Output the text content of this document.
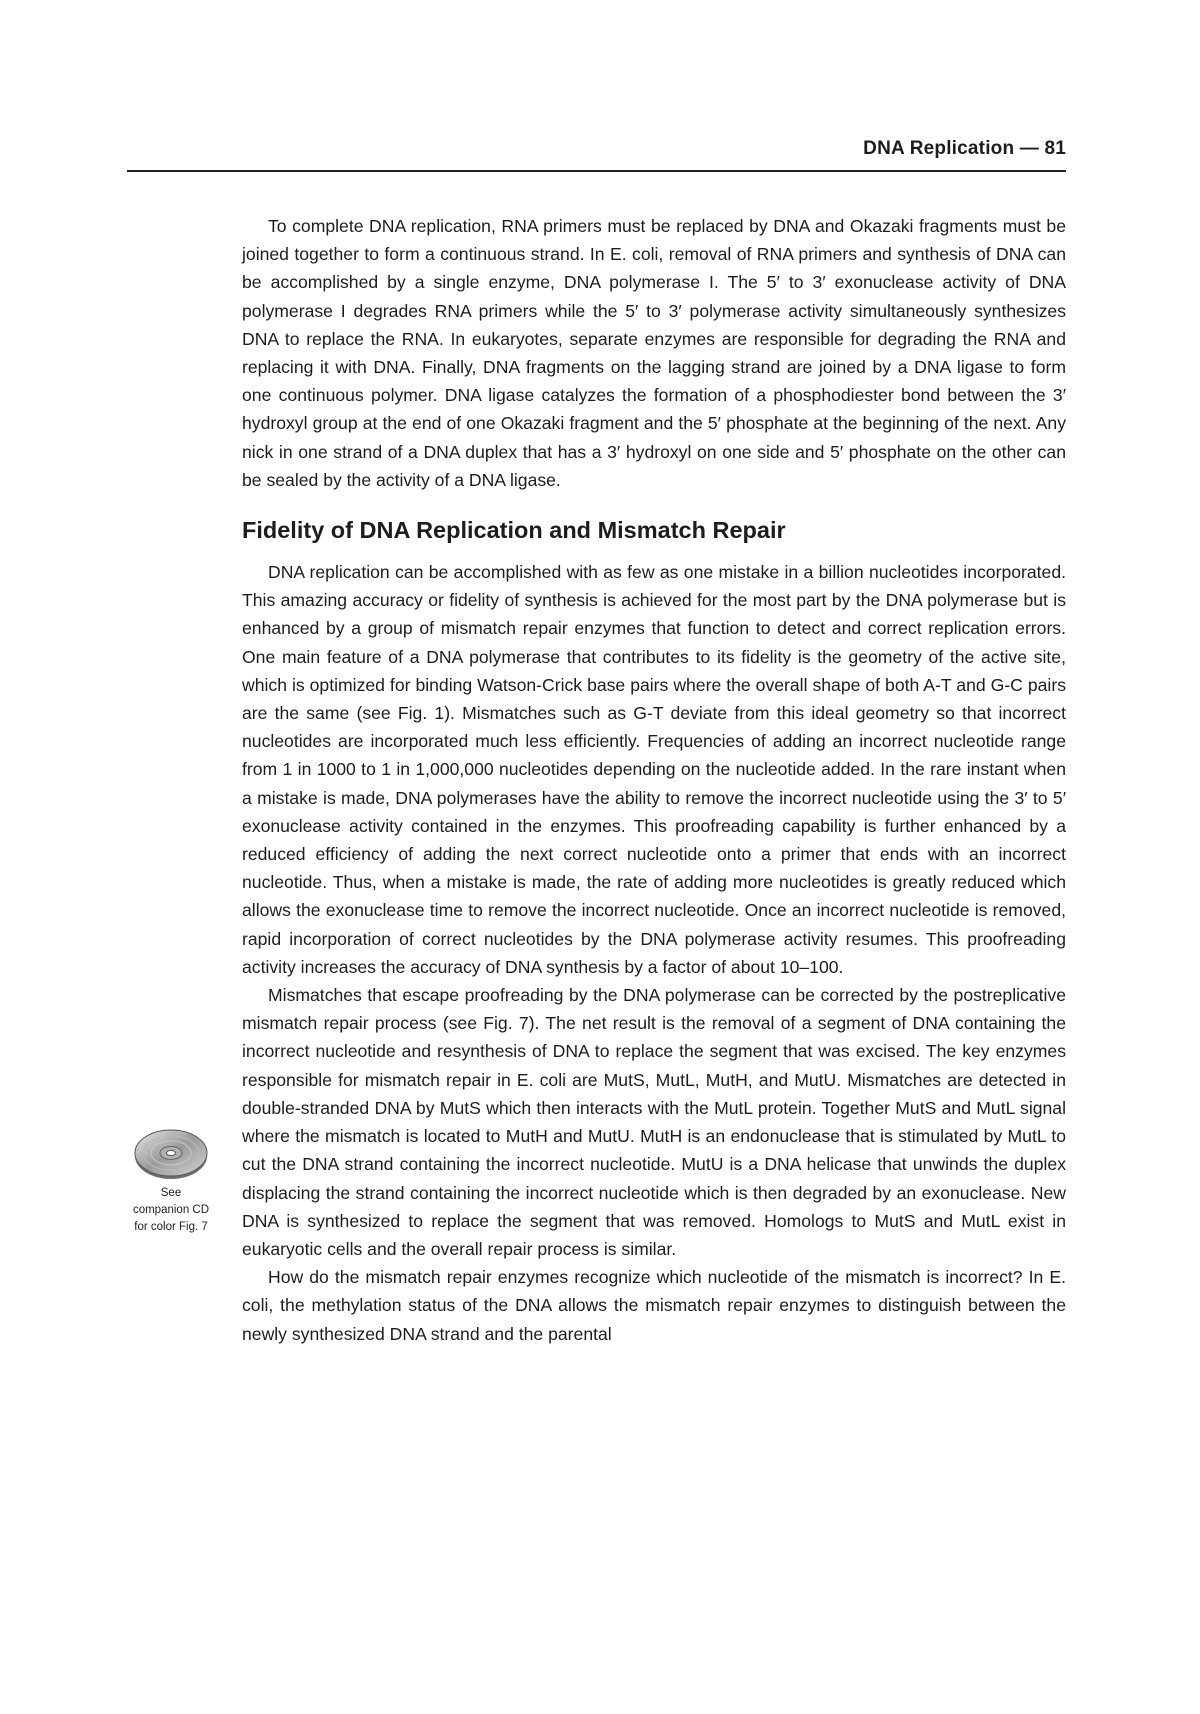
DNA Replication — 81

To complete DNA replication, RNA primers must be replaced by DNA and Okazaki fragments must be joined together to form a continuous strand. In E. coli, removal of RNA primers and synthesis of DNA can be accomplished by a single enzyme, DNA polymerase I. The 5′ to 3′ exonuclease activity of DNA polymerase I degrades RNA primers while the 5′ to 3′ polymerase activity simultaneously synthesizes DNA to replace the RNA. In eukaryotes, separate enzymes are responsible for degrading the RNA and replacing it with DNA. Finally, DNA fragments on the lagging strand are joined by a DNA ligase to form one continuous polymer. DNA ligase catalyzes the formation of a phosphodiester bond between the 3′ hydroxyl group at the end of one Okazaki fragment and the 5′ phosphate at the beginning of the next. Any nick in one strand of a DNA duplex that has a 3′ hydroxyl on one side and 5′ phosphate on the other can be sealed by the activity of a DNA ligase.

Fidelity of DNA Replication and Mismatch Repair

DNA replication can be accomplished with as few as one mistake in a billion nucleotides incorporated. This amazing accuracy or fidelity of synthesis is achieved for the most part by the DNA polymerase but is enhanced by a group of mismatch repair enzymes that function to detect and correct replication errors. One main feature of a DNA polymerase that contributes to its fidelity is the geometry of the active site, which is optimized for binding Watson-Crick base pairs where the overall shape of both A-T and G-C pairs are the same (see Fig. 1). Mismatches such as G-T deviate from this ideal geometry so that incorrect nucleotides are incorporated much less efficiently. Frequencies of adding an incorrect nucleotide range from 1 in 1000 to 1 in 1,000,000 nucleotides depending on the nucleotide added. In the rare instant when a mistake is made, DNA polymerases have the ability to remove the incorrect nucleotide using the 3′ to 5′ exonuclease activity contained in the enzymes. This proofreading capability is further enhanced by a reduced efficiency of adding the next correct nucleotide onto a primer that ends with an incorrect nucleotide. Thus, when a mistake is made, the rate of adding more nucleotides is greatly reduced which allows the exonuclease time to remove the incorrect nucleotide. Once an incorrect nucleotide is removed, rapid incorporation of correct nucleotides by the DNA polymerase activity resumes. This proofreading activity increases the accuracy of DNA synthesis by a factor of about 10–100.

Mismatches that escape proofreading by the DNA polymerase can be corrected by the postreplicative mismatch repair process (see Fig. 7). The net result is the removal of a segment of DNA containing the incorrect nucleotide and resynthesis of DNA to replace the segment that was excised. The key enzymes responsible for mismatch repair in E. coli are MutS, MutL, MutH, and MutU. Mismatches are detected in double-stranded DNA by MutS which then interacts with the MutL protein. Together MutS and MutL signal where the mismatch is located to MutH and MutU. MutH is an endonuclease that is stimulated by MutL to cut the DNA strand containing the incorrect nucleotide. MutU is a DNA helicase that unwinds the duplex displacing the strand containing the incorrect nucleotide which is then degraded by an exonuclease. New DNA is synthesized to replace the segment that was removed. Homologs to MutS and MutL exist in eukaryotic cells and the overall repair process is similar.

How do the mismatch repair enzymes recognize which nucleotide of the mismatch is incorrect? In E. coli, the methylation status of the DNA allows the mismatch repair enzymes to distinguish between the newly synthesized DNA strand and the parental

See
companion CD
for color Fig. 7
